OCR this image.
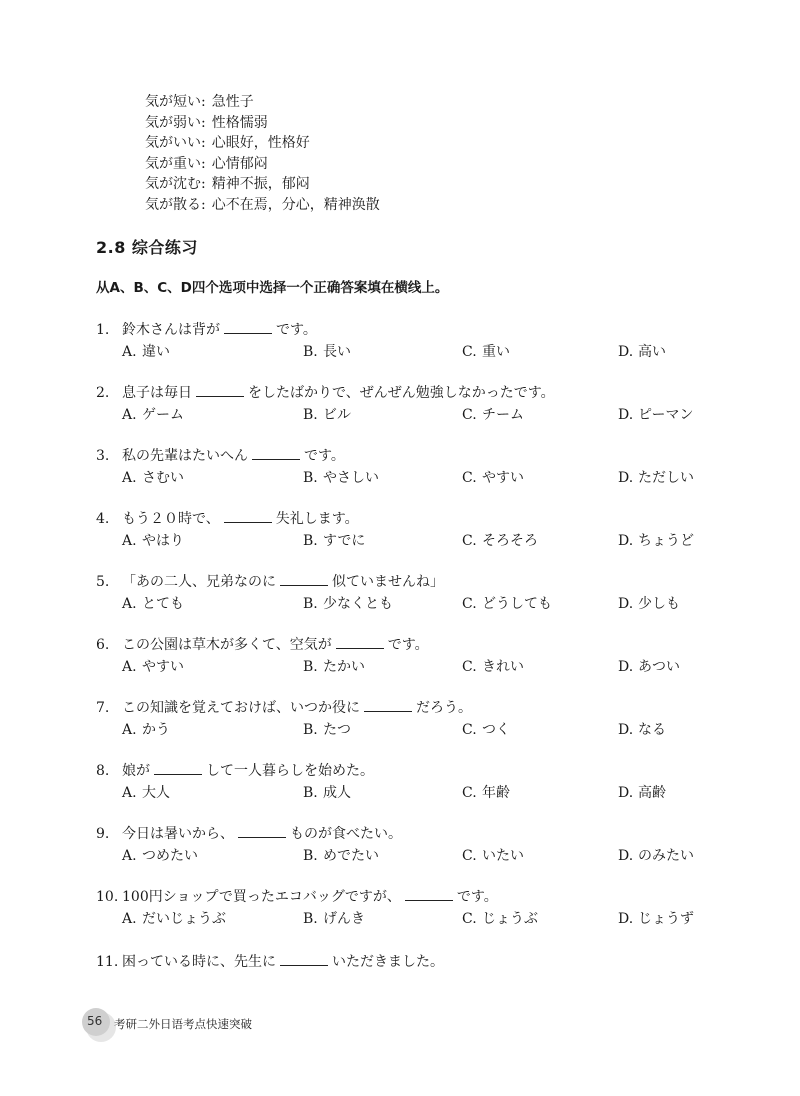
気が短い: 急性子
気が弱い: 性格懦弱
気がいい: 心眼好，性格好
気が重い: 心情郁闷
気が沈む: 精神不振，郁闷
気が散る: 心不在焉，分心，精神涣散
2.8 综合练习
从A、B、C、D四个选项中选择一个正确答案填在横线上。
1. 鈴木さんは背が	です。
A. 違い	B. 長い	C. 重い	D. 高い
2. 息子は毎日	をしたばかりで、ぜんぜん勉強しなかったです。
A. ゲーム	B. ビル	C. チーム	D. ピーマン
3. 私の先輩はたいへん	です。
A. さむい	B. やさしい	C. やすい	D. ただしい
4. もう２０時で、	失礼します。
A. やはり	B. すでに	C. そろそろ	D. ちょうど
5. 「あの二人、兄弟なのに	似ていませんね」
A. とても	B. 少なくとも	C. どうしても	D. 少しも
6. この公園は草木が多くて、空気が	です。
A. やすい	B. たかい	C. きれい	D. あつい
7. この知識を覚えておけば、いつか役に	だろう。
A. かう	B. たつ	C. つく	D. なる
8. 娘が	して一人暮らしを始めた。
A. 大人	B. 成人	C. 年齢	D. 高齢
9. 今日は暑いから、	ものが食べたい。
A. つめたい	B. めでたい	C. いたい	D. のみたい
10. 100円ショップで買ったエコバッグですが、	です。
A. だいじょうぶ	B. げんき	C. じょうぶ	D. じょうず
11. 困っている時に、先生に	いただきました。
56 考研二外日语考点快速突破
